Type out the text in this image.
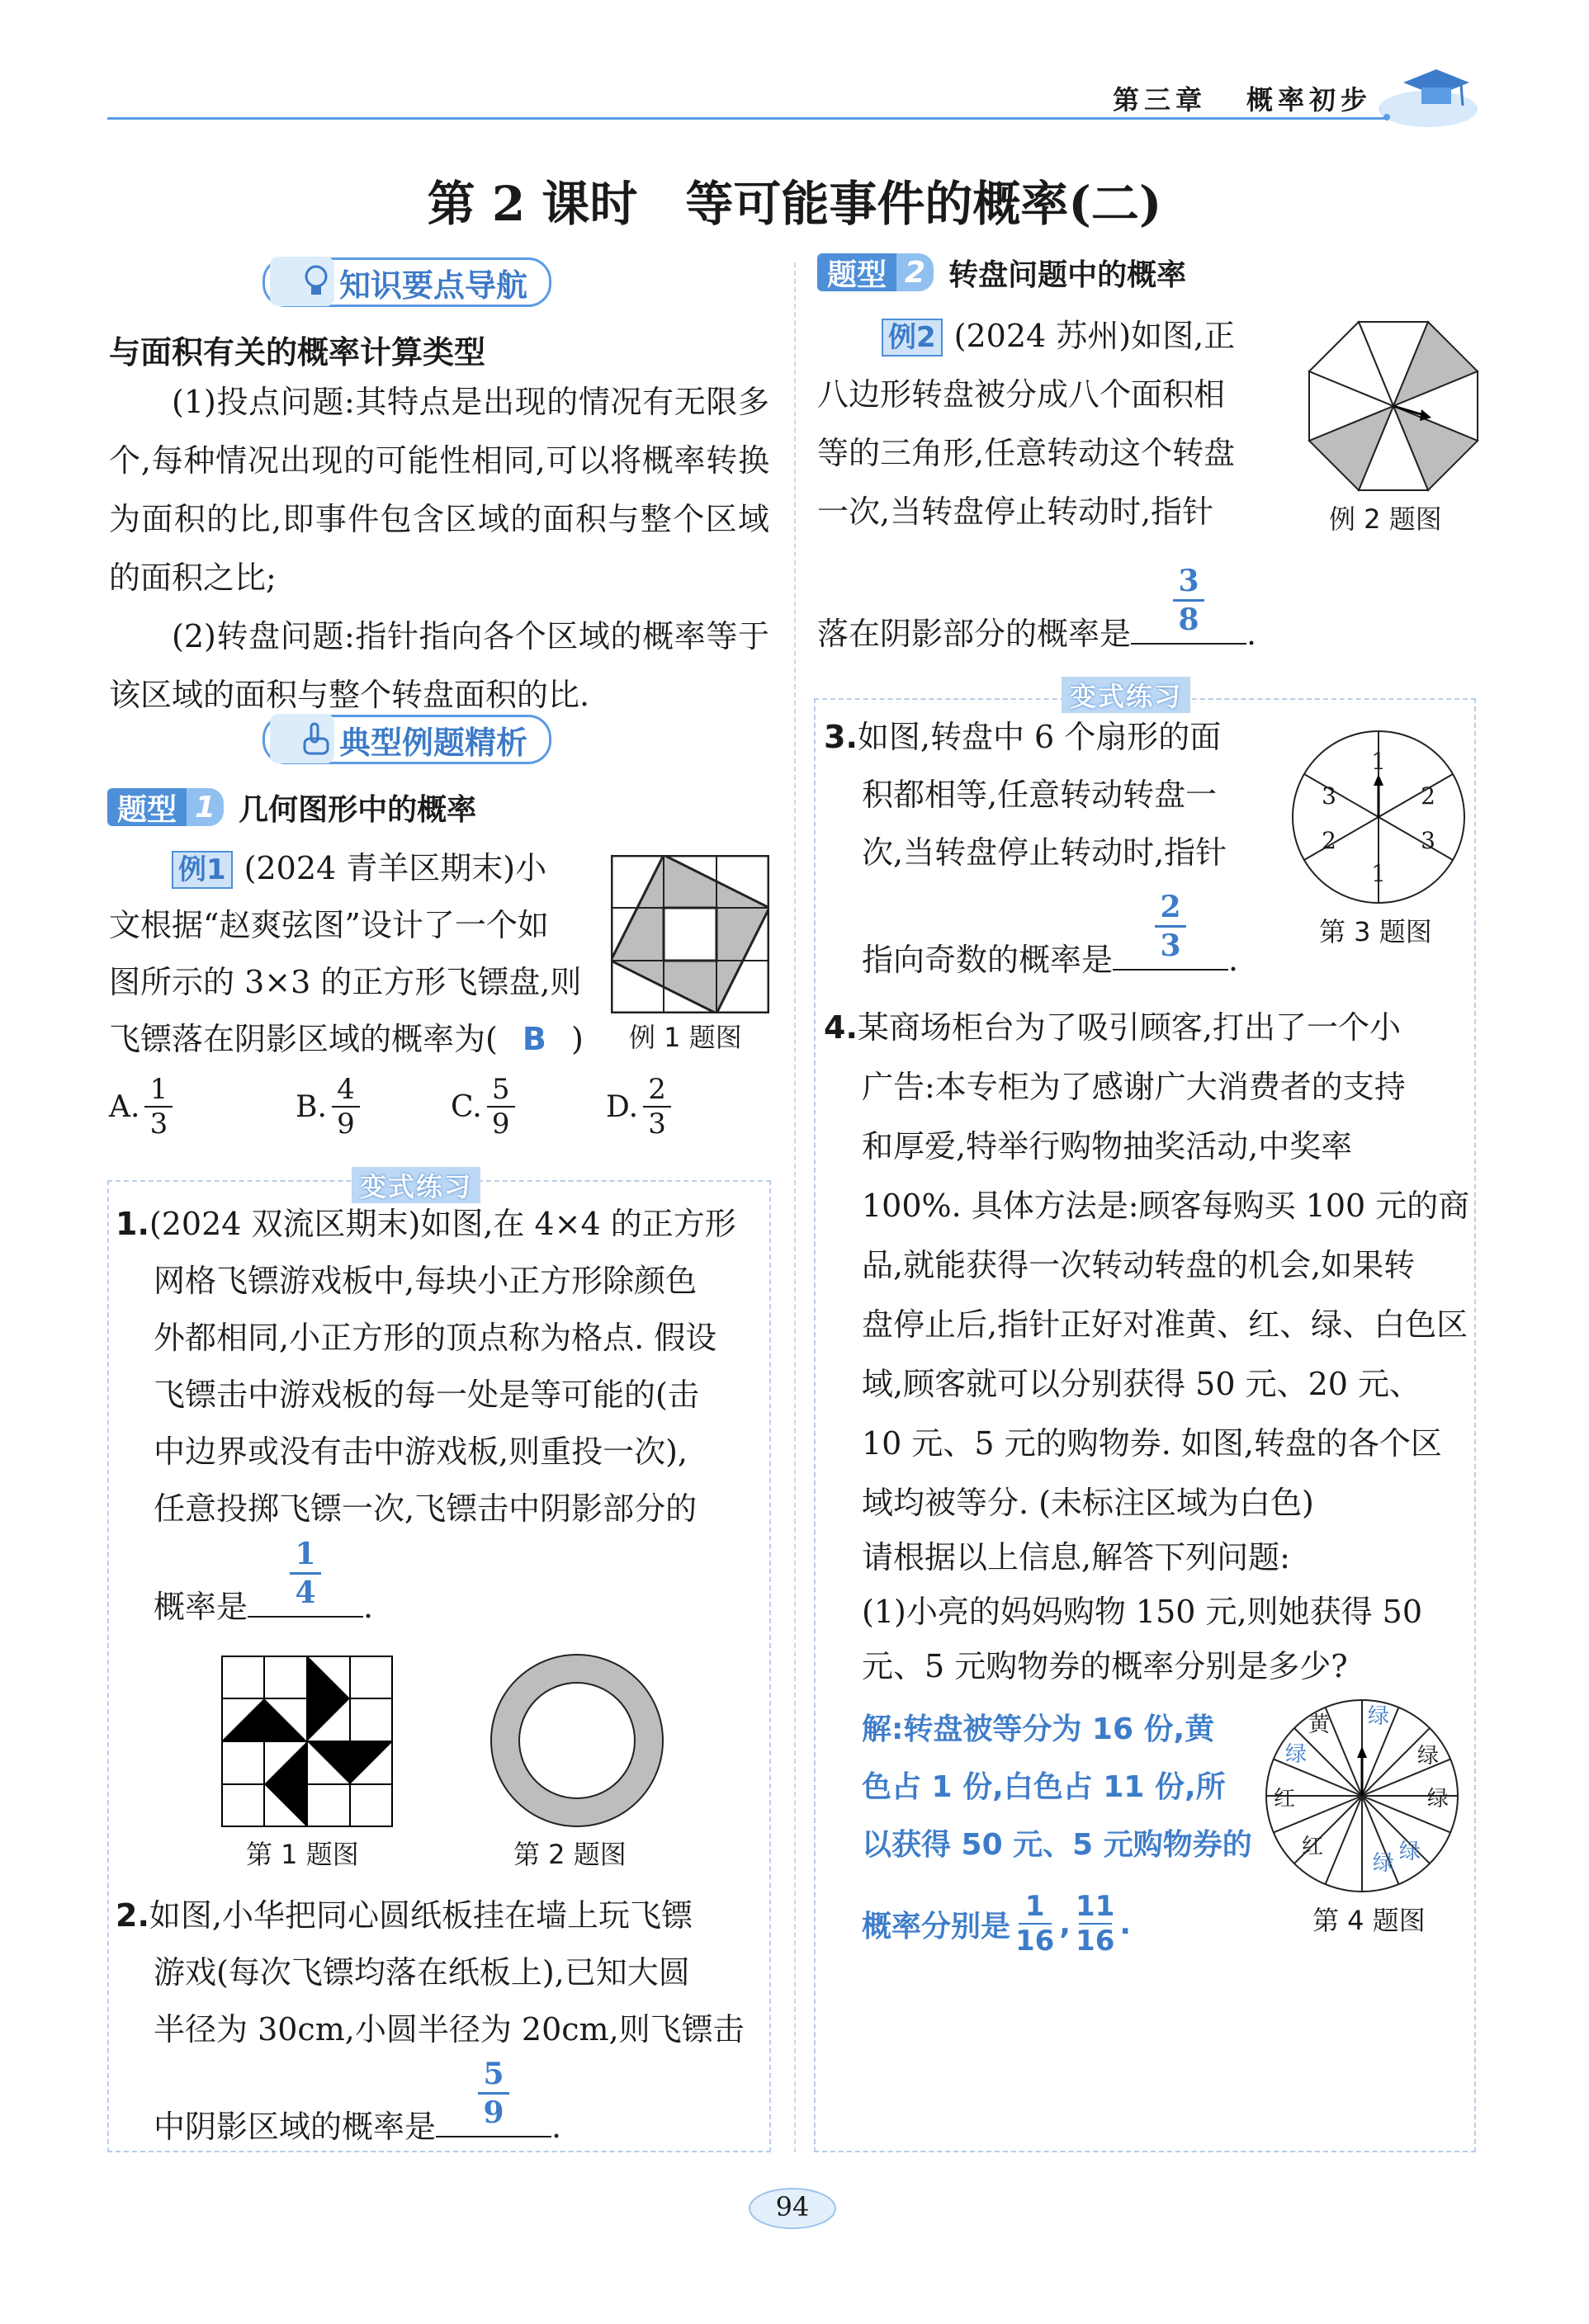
第三章 概率初步
第 2 课时　等可能事件的概率(二)
知识要点导航
与面积有关的概率计算类型
(1)投点问题:其特点是出现的情况有无限多个,每种情况出现的可能性相同,可以将概率转换为面积的比,即事件包含区域的面积与整个区域的面积之比;
(2)转盘问题:指针指向各个区域的概率等于该区域的面积与整个转盘面积的比.
典型例题精析
题型 1 几何图形中的概率
例1 (2024 青羊区期末)小
文根据“赵爽弦图”设计了一个如
图所示的 3×3 的正方形飞镖盘,则
飞镖落在阴影区域的概率为( B ) 例 1 题图
A. $\frac{1}{3}$	B. $\frac{4}{9}$	C. $\frac{5}{9}$	D. $\frac{2}{3}$
变式练习
1.(2024 双流区期末)如图,在 4×4 的正方形
网格飞镖游戏板中,每块小正方形除颜色
外都相同,小正方形的顶点称为格点. 假设
飞镖击中游戏板的每一处是等可能的(击
中边界或没有击中游戏板,则重投一次),
任意投掷飞镖一次,飞镖击中阴影部分的
概率是
1
4 .
第 1 题图	第 2 题图
2.如图,小华把同心圆纸板挂在墙上玩飞镖
游戏(每次飞镖均落在纸板上),已知大圆
半径为 30cm,小圆半径为 20cm,则飞镖击
中阴影区域的概率是
5
9 .
题型 2 转盘问题中的概率
例2 (2024 苏州)如图,正
八边形转盘被分成八个面积相
等的三角形,任意转动这个转盘
一次,当转盘停止转动时,指针
落在阴影部分的概率是
3
8 .
例 2 题图
变式练习
3.如图,转盘中 6 个扇形的面
积都相等,任意转动转盘一
次,当转盘停止转动时,指针
指向奇数的概率是
2
3 .
1
2
3
1
2
3
第 3 题图
4.某商场柜台为了吸引顾客,打出了一个小
广告:本专柜为了感谢广大消费者的支持
和厚爱,特举行购物抽奖活动,中奖率
100%. 具体方法是:顾客每购买 100 元的商
品,就能获得一次转动转盘的机会,如果转
盘停止后,指针正好对准黄、红、绿、白色区
域,顾客就可以分别获得 50 元、20 元、
10 元、5 元的购物券. 如图,转盘的各个区
域均被等分. (未标注区域为白色)
请根据以上信息,解答下列问题:
(1)小亮的妈妈购物 150 元,则她获得 50
元、5 元购物券的概率分别是多少?
解:转盘被等分为 16 份,黄
色占 1 份,白色占 11 份,所
以获得 50 元、5 元购物券的
概率分别是 $\frac{1}{16}$ , $\frac{11}{16}$ .
黄 绿
绿	绿
红	绿
红
绿 绿
第 4 题图
94
